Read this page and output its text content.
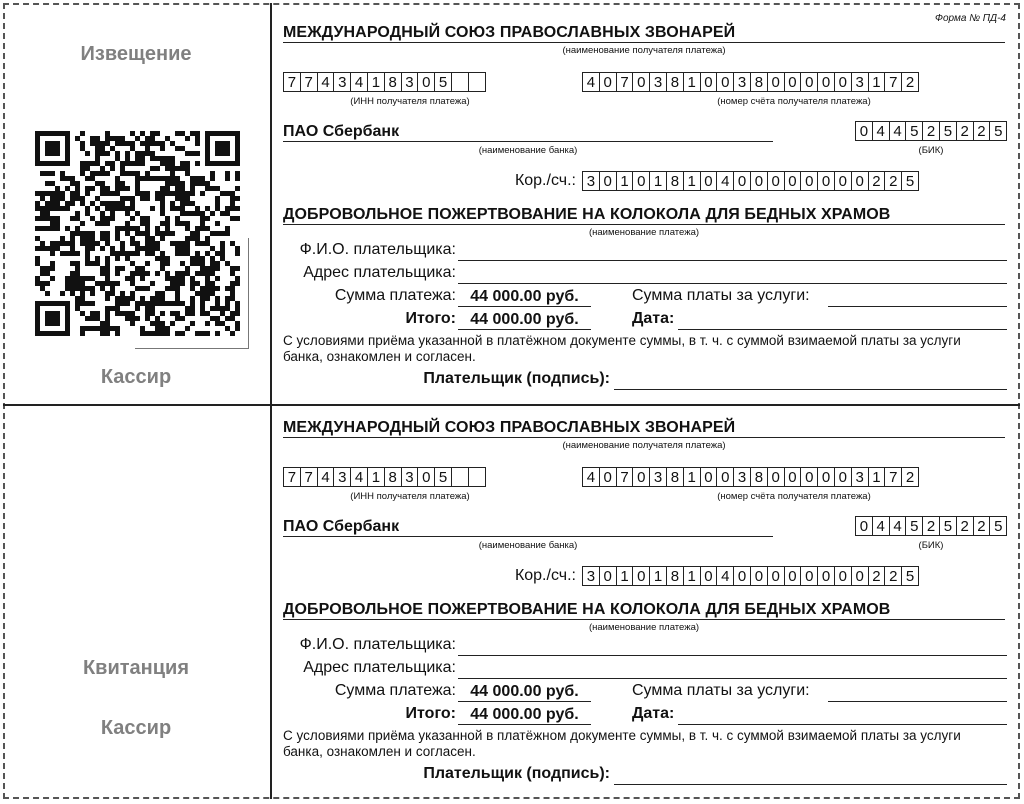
Извещение
Кассир
Квитанция
Кассир
Форма № ПД-4
МЕЖДУНАРОДНЫЙ СОЮЗ ПРАВОСЛАВНЫХ ЗВОНАРЕЙ
(наименование получателя платежа)
7 7 4 3 4 1 8 3 0 5
(ИНН получателя платежа)
4 0 7 0 3 8 1 0 0 3 8 0 0 0 0 0 3 1 7 2
(номер счёта получателя платежа)
ПАО Сбербанк
(наименование банка)
0 4 4 5 2 5 2 2 5
(БИК)
Кор./сч.: 3 0 1 0 1 8 1 0 4 0 0 0 0 0 0 0 0 2 2 5
ДОБРОВОЛЬНОЕ ПОЖЕРТВОВАНИЕ НА КОЛОКОЛА ДЛЯ БЕДНЫХ ХРАМОВ
(наименование платежа)
Ф.И.О. плательщика:
Адрес плательщика:
Сумма платежа: 44 000.00 руб.	Сумма платы за услуги:
Итого: 44 000.00 руб.	Дата:
С условиями приёма указанной в платёжном документе суммы, в т. ч. с суммой взимаемой платы за услуги банка, ознакомлен и согласен.
Плательщик (подпись):
МЕЖДУНАРОДНЫЙ СОЮЗ ПРАВОСЛАВНЫХ ЗВОНАРЕЙ
(наименование получателя платежа)
7 7 4 3 4 1 8 3 0 5
(ИНН получателя платежа)
4 0 7 0 3 8 1 0 0 3 8 0 0 0 0 0 3 1 7 2
(номер счёта получателя платежа)
ПАО Сбербанк
(наименование банка)
0 4 4 5 2 5 2 2 5
(БИК)
Кор./сч.: 3 0 1 0 1 8 1 0 4 0 0 0 0 0 0 0 0 2 2 5
ДОБРОВОЛЬНОЕ ПОЖЕРТВОВАНИЕ НА КОЛОКОЛА ДЛЯ БЕДНЫХ ХРАМОВ
(наименование платежа)
Ф.И.О. плательщика:
Адрес плательщика:
Сумма платежа: 44 000.00 руб.	Сумма платы за услуги:
Итого: 44 000.00 руб.	Дата:
С условиями приёма указанной в платёжном документе суммы, в т. ч. с суммой взимаемой платы за услуги банка, ознакомлен и согласен.
Плательщик (подпись):
